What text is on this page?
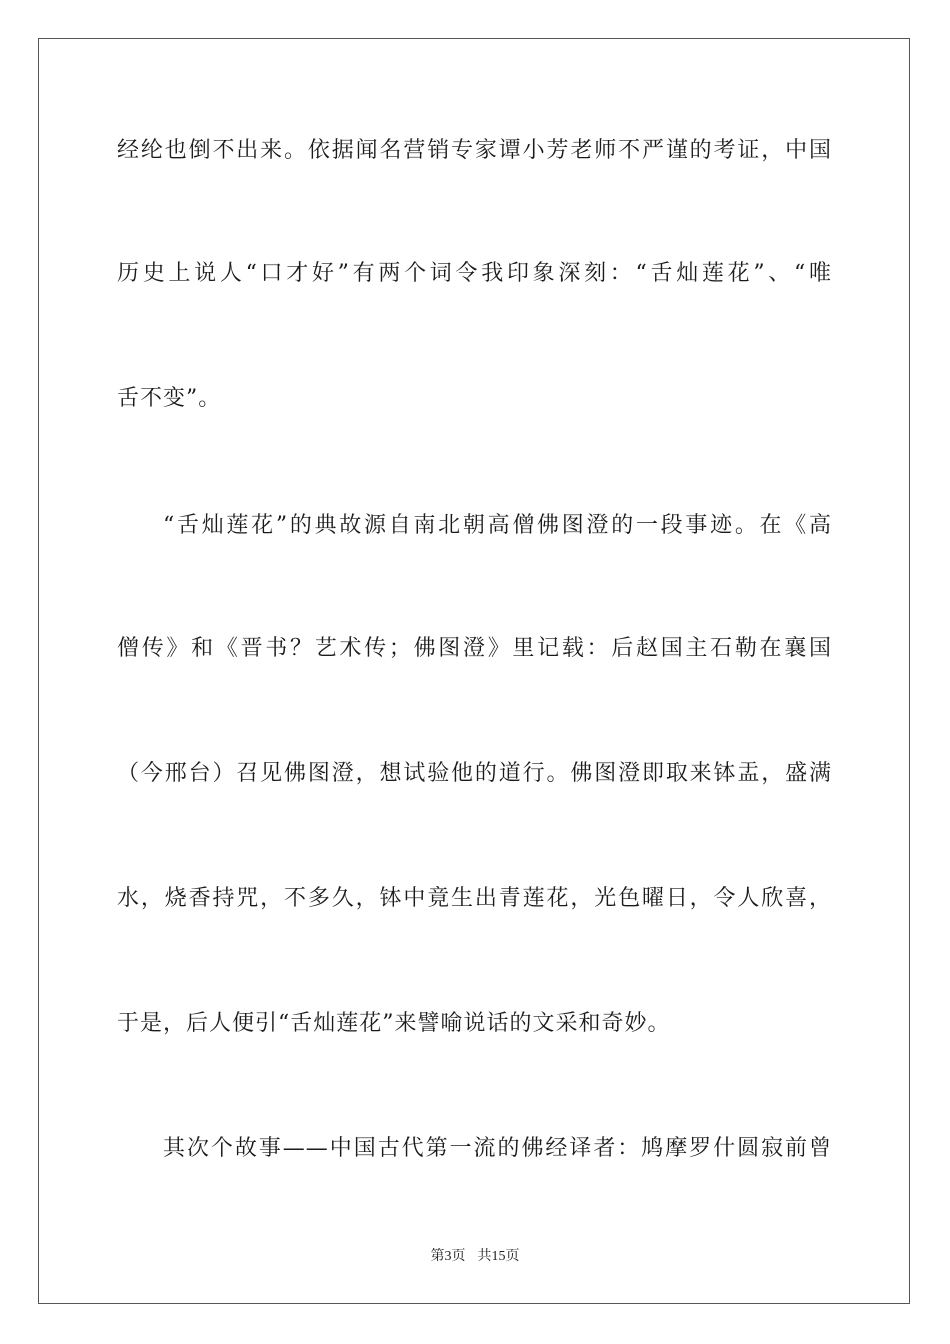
经纶也倒不出来。依据闻名营销专家谭小芳老师不严谨的考证，中国
历史上说人“口才好”有两个词令我印象深刻：“舌灿莲花”、“唯
舌不变”。
“舌灿莲花”的典故源自南北朝高僧佛图澄的一段事迹。在《高
僧传》和《晋书？艺术传；佛图澄》里记载：后赵国主石勒在襄国
（今邢台）召见佛图澄，想试验他的道行。佛图澄即取来钵盂，盛满
水，烧香持咒，不多久，钵中竟生出青莲花，光色曜日，令人欣喜，
于是，后人便引“舌灿莲花”来譬喻说话的文采和奇妙。
其次个故事——中国古代第一流的佛经译者：鸠摩罗什圆寂前曾
第3页 共15页
